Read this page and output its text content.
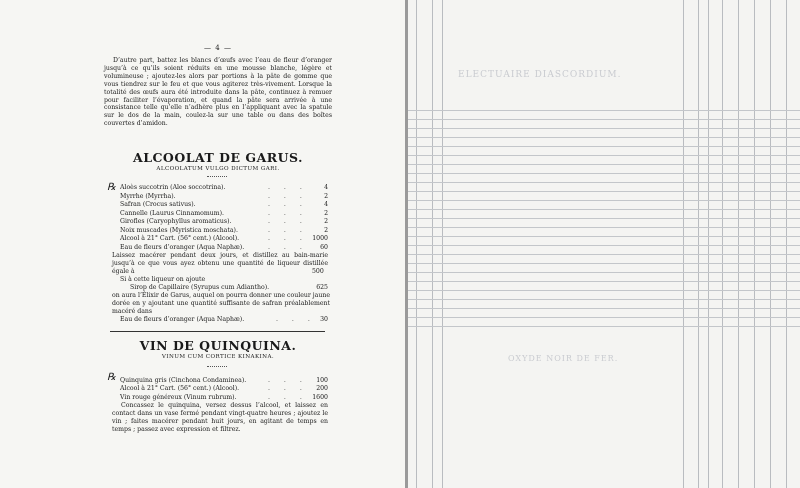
— 4 —
D’autre part, battez les blancs d’œufs avec l’eau de fleur d’oranger jusqu’à ce qu’ils soient réduits en une mousse blanche, légère et volumineuse ; ajoutez-les alors par portions à la pâte de gomme que vous tiendrez sur le feu et que vous agiterez très-vivement. Lorsque la totalité des œufs aura été introduite dans la pâte, continuez à remuer pour faciliter l’évaporation, et quand la pâte sera arrivée à une consistance telle qu’elle n’adhère plus en l’appliquant avec la spatule sur le dos de la main, coulez-la sur une table ou dans des boîtes couvertes d’amidon.
ALCOOLAT DE GARUS.
ALCOOLATUM VULGO DICTUM GARI.
℞ Aloès succotrin (Aloe soccotrina).	. . .	4
Myrrhe (Myrrha).	. . .	2
Safran (Crocus sativus).	. . .	4
Cannelle (Laurus Cinnamomum).	. . .	2
Girofles (Caryophyllus aromaticus).	. . .	2
Noix muscades (Myristica moschata).	. . .	2
Alcool à 21° Cart. (56° cent.) (Alcool).	. . . 1000
Eau de fleurs d’oranger (Aqua Naphæ).	. . . 60
Laissez macérer pendant deux jours, et distillez au bain-marie jusqu’à ce que vous ayez obtenu une quantité de liqueur distillée égale à	500
Si à cette liqueur on ajoute
Sirop de Capillaire (Syrupus cum Adiantho).	625
on aura l’Élixir de Garus, auquel on pourra donner une couleur jaune dorée en y ajoutant une quantité suffisante de safran préalablement macéré dans
Eau de fleurs d’oranger (Aqua Naphæ).	. . . 30
VIN DE QUINQUINA.
VINUM CUM CORTICE KINAKINA.
℞ Quinquina gris (Cinchona Condaminea).	. . . 100
Alcool à 21° Cart. (56° cent.) (Alcool).	. . . 200
Vin rouge généreux (Vinum rubrum).	. . . 1600
Concassez le quinquina, versez dessus l’alcool, et laissez en contact dans un vase fermé pendant vingt-quatre heures ; ajoutez le vin ; faites macérer pendant huit jours, en agitant de temps en temps ; passez avec expression et filtrez.
ELECTUAIRE DIASCORDIUM.
OXYDE NOIR DE FER.
